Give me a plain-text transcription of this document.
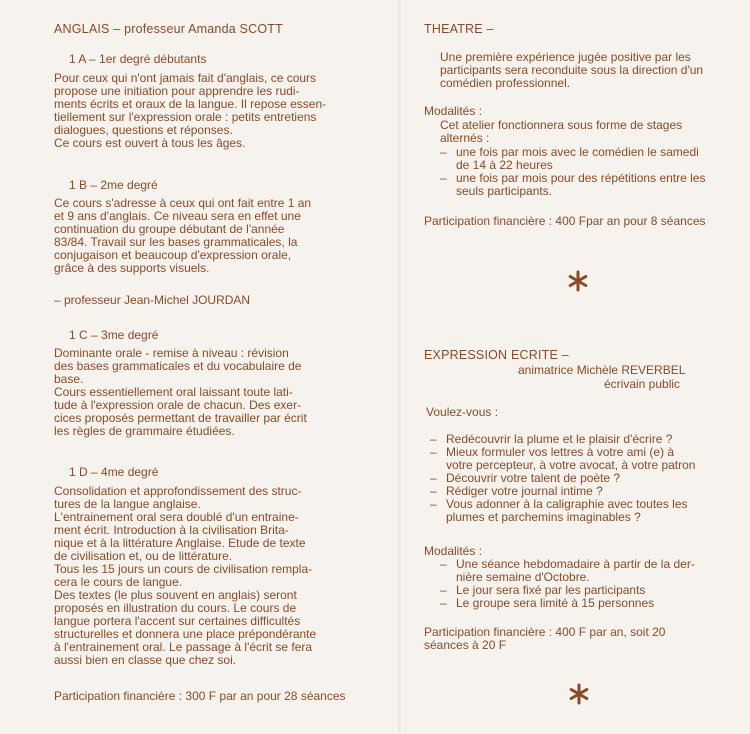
ANGLAIS – professeur Amanda SCOTT
1 A – 1er degré débutants
Pour ceux qui n'ont jamais fait d'anglais, ce cours
propose une initiation pour apprendre les rudi-
ments écrits et oraux de la langue. Il repose essen-
tiellement sur l'expression orale : petits entretiens
dialogues, questions et réponses.
Ce cours est ouvert à tous les âges.
1 B – 2me degré
Ce cours s'adresse à ceux qui ont fait entre 1 an
et 9 ans d'anglais. Ce niveau sera en effet une
continuation du groupe débutant de l'année
83/84. Travail sur les bases grammaticales, la
conjugaison et beaucoup d'expression orale,
grâce à des supports visuels.
– professeur Jean-Michel JOURDAN
1 C – 3me degré
Dominante orale - remise à niveau : révision
des bases grammaticales et du vocabulaire de
base.
Cours essentiellement oral laissant toute lati-
tude à l'expression orale de chacun. Des exer-
cices proposés permettant de travailler par écrit
les règles de grammaire étudiées.
1 D – 4me degré
Consolidation et approfondissement des struc-
tures de la langue anglaise.
L'entrainement oral sera doublé d'un entraine-
ment écrit. Introduction à la civilisation Brita-
nique et à la littérature Anglaise. Etude de texte
de civilisation et, ou de littérature.
Tous les 15 jours un cours de civilisation rempla-
cera le cours de langue.
Des textes (le plus souvent en anglais) seront
proposés en illustration du cours. Le cours de
langue portera l'accent sur certaines difficultés
structurelles et donnera une place prépondérante
à l'entrainement oral. Le passage à l'écrit se fera
aussi bien en classe que chez soi.
Participation financière : 300 F par an pour 28 séances
THEATRE –
Une première expérience jugée positive par les
participants sera reconduite sous la direction d'un
comédien professionnel.
Modalités :
Cet atelier fonctionnera sous forme de stages
alternés :
– une fois par mois avec le comédien le samedi
de 14 à 22 heures
– une fois par mois pour des répétitions entre les
seuls participants.
Participation financière : 400 Fpar an pour 8 séances
EXPRESSION ECRITE –
animatrice Michèle REVERBEL
écrivain public
Voulez-vous :
– Redécouvrir la plume et le plaisir d'écrire ?
– Mieux formuler vos lettres à votre ami (e) à
votre percepteur, à votre avocat, à votre patron
– Découvrir votre talent de poète ?
– Rédiger votre journal intime ?
– Vous adonner à la caligraphie avec toutes les
plumes et parchemins imaginables ?
Modalités :
– Une séance hebdomadaire à partir de la der-
nière semaine d'Octobre.
– Le jour sera fixé par les participants
– Le groupe sera limité à 15 personnes
Participation financière : 400 F par an, soit 20
séances à 20 F
